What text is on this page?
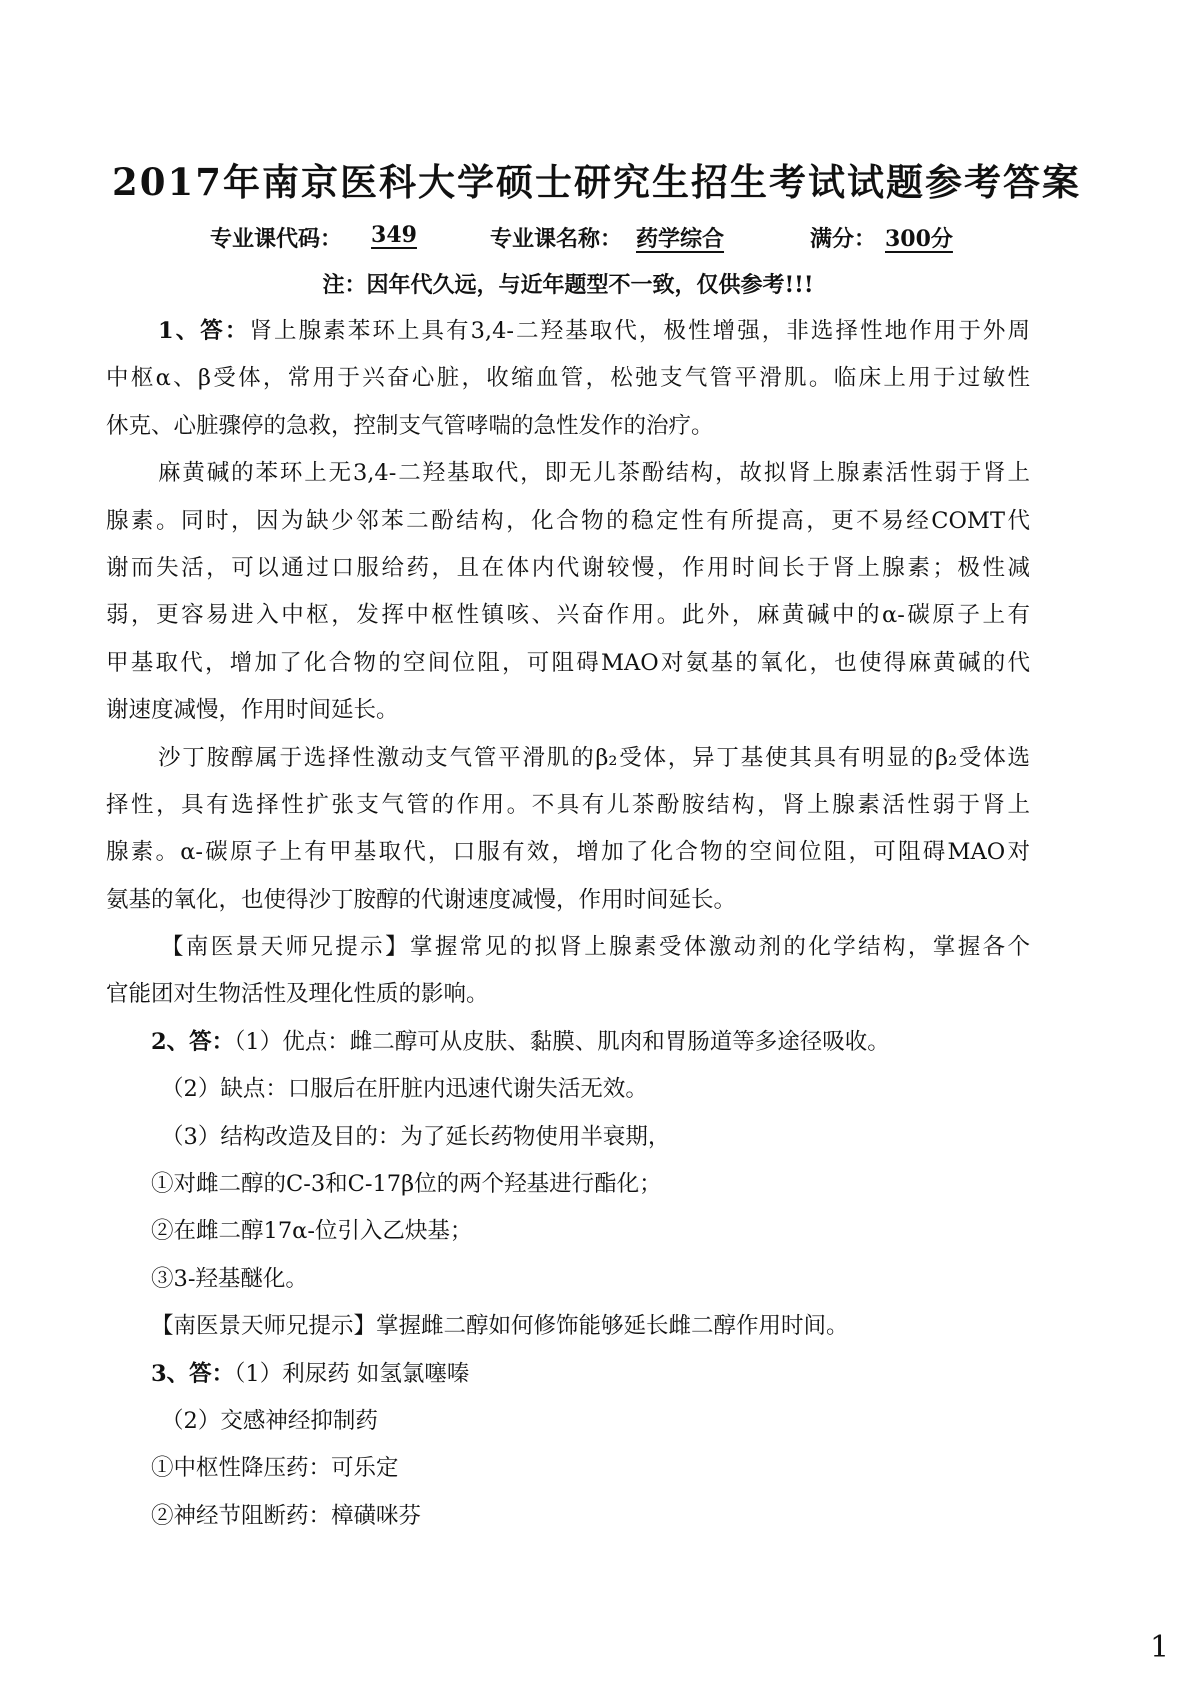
2017年南京医科大学硕士研究生招生考试试题参考答案
专业课代码：	349	专业课名称： 药学综合	满分： 300分
注：因年代久远，与近年题型不一致，仅供参考!!!
1、答：肾上腺素苯环上具有3,4-二羟基取代，极性增强，非选择性地作用于外周
中枢α、β受体，常用于兴奋心脏，收缩血管，松弛支气管平滑肌。临床上用于过敏性
休克、心脏骤停的急救，控制支气管哮喘的急性发作的治疗。
麻黄碱的苯环上无3,4-二羟基取代，即无儿茶酚结构，故拟肾上腺素活性弱于肾上
腺素。同时，因为缺少邻苯二酚结构，化合物的稳定性有所提高，更不易经COMT代
谢而失活，可以通过口服给药，且在体内代谢较慢，作用时间长于肾上腺素；极性减
弱，更容易进入中枢，发挥中枢性镇咳、兴奋作用。此外，麻黄碱中的α-碳原子上有
甲基取代，增加了化合物的空间位阻，可阻碍MAO对氨基的氧化，也使得麻黄碱的代
谢速度减慢，作用时间延长。
沙丁胺醇属于选择性激动支气管平滑肌的β₂受体，异丁基使其具有明显的β₂受体选
择性，具有选择性扩张支气管的作用。不具有儿茶酚胺结构，肾上腺素活性弱于肾上
腺素。α-碳原子上有甲基取代，口服有效，增加了化合物的空间位阻，可阻碍MAO对
氨基的氧化，也使得沙丁胺醇的代谢速度减慢，作用时间延长。
【南医景天师兄提示】掌握常见的拟肾上腺素受体激动剂的化学结构，掌握各个
官能团对生物活性及理化性质的影响。
2、答：（1）优点：雌二醇可从皮肤、黏膜、肌肉和胃肠道等多途径吸收。
（2）缺点：口服后在肝脏内迅速代谢失活无效。
（3）结构改造及目的：为了延长药物使用半衰期，
①对雌二醇的C-3和C-17β位的两个羟基进行酯化；
②在雌二醇17α-位引入乙炔基；
③3-羟基醚化。
【南医景天师兄提示】掌握雌二醇如何修饰能够延长雌二醇作用时间。
3、答：（1）利尿药 如氢氯噻嗪
（2）交感神经抑制药
①中枢性降压药：可乐定
②神经节阻断药：樟磺咪芬
1
